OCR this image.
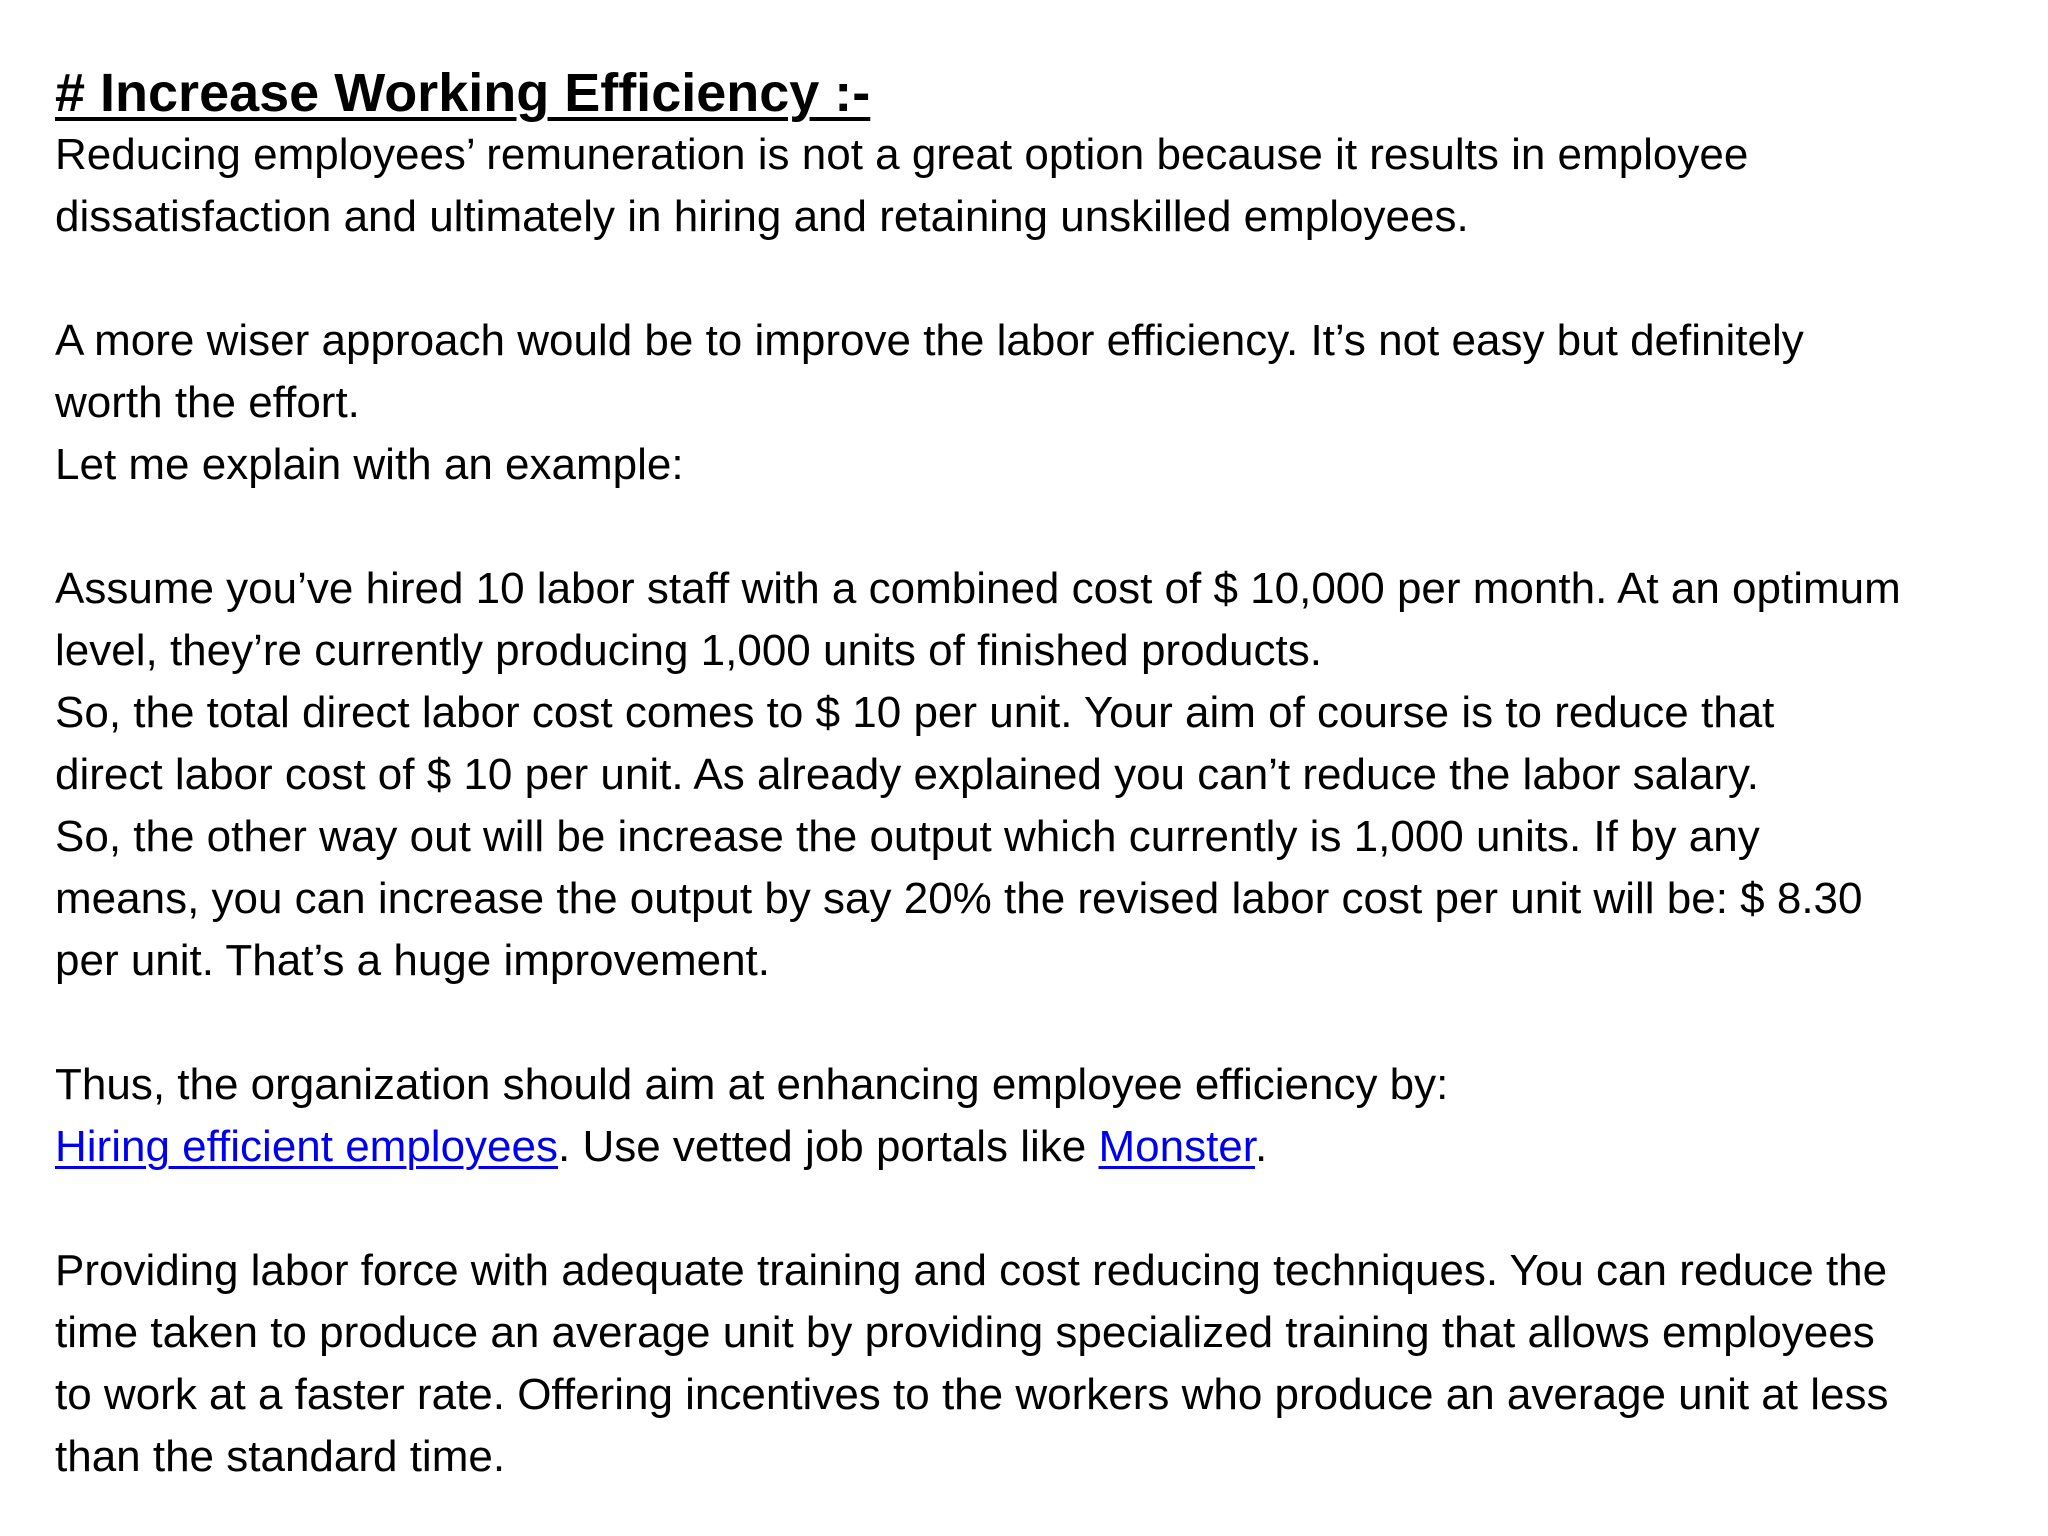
# Increase Working Efficiency :-

Reducing employees’ remuneration is not a great option because it results in employee

dissatisfaction and ultimately in hiring and retaining unskilled employees.

A more wiser approach would be to improve the labor efficiency. It’s not easy but definitely

worth the effort.

Let me explain with an example:

Assume you’ve hired 10 labor staff with a combined cost of $ 10,000 per month. At an optimum

level, they’re currently producing 1,000 units of finished products.

So, the total direct labor cost comes to $ 10 per unit. Your aim of course is to reduce that

direct labor cost of $ 10 per unit. As already explained you can’t reduce the labor salary.

So, the other way out will be increase the output which currently is 1,000 units. If by any

means, you can increase the output by say 20% the revised labor cost per unit will be: $ 8.30

per unit. That’s a huge improvement.

Thus, the organization should aim at enhancing employee efficiency by:

Hiring efficient employees. Use vetted job portals like Monster.

Providing labor force with adequate training and cost reducing techniques. You can reduce the

time taken to produce an average unit by providing specialized training that allows employees

to work at a faster rate. Offering incentives to the workers who produce an average unit at less

than the standard time.
